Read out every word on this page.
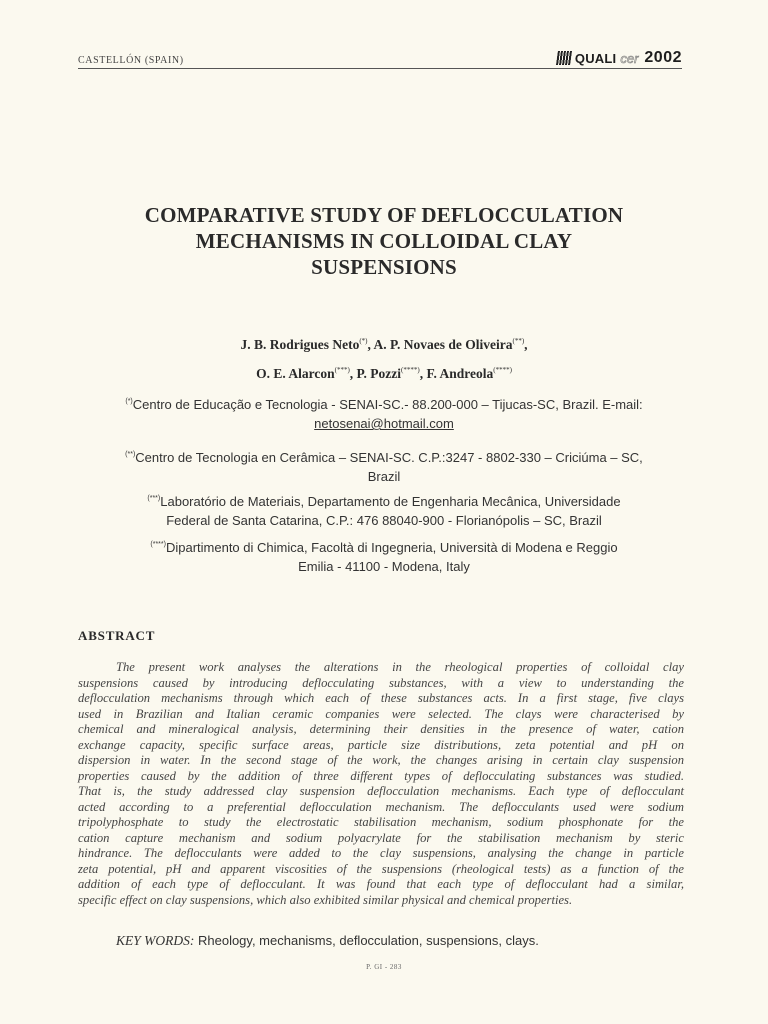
CASTELLÓN (SPAIN)	QUALI cer 2002
COMPARATIVE STUDY OF DEFLOCCULATION
MECHANISMS IN COLLOIDAL CLAY
SUSPENSIONS
J. B. Rodrigues Neto(*), A. P. Novaes de Oliveira(**),
O. E. Alarcon(***), P. Pozzi(****), F. Andreola(****)
(*)Centro de Educação e Tecnologia - SENAI-SC.- 88.200-000 – Tijucas-SC, Brazil. E-mail:
netosenai@hotmail.com
(**)Centro de Tecnologia en Cerâmica – SENAI-SC. C.P.:3247 - 8802-330 – Criciúma – SC,
Brazil
(***)Laboratório de Materiais, Departamento de Engenharia Mecânica, Universidade
Federal de Santa Catarina, C.P.: 476 88040-900 - Florianópolis – SC, Brazil
(****)Dipartimento di Chimica, Facoltà di Ingegneria, Università di Modena e Reggio
Emilia - 41100 - Modena, Italy
ABSTRACT
The present work analyses the alterations in the rheological properties of colloidal clay
suspensions caused by introducing deflocculating substances, with a view to understanding the
deflocculation mechanisms through which each of these substances acts. In a first stage, five clays
used in Brazilian and Italian ceramic companies were selected. The clays were characterised by
chemical and mineralogical analysis, determining their densities in the presence of water, cation
exchange capacity, specific surface areas, particle size distributions, zeta potential and pH on
dispersion in water. In the second stage of the work, the changes arising in certain clay suspension
properties caused by the addition of three different types of deflocculating substances was studied.
That is, the study addressed clay suspension deflocculation mechanisms. Each type of deflocculant
acted according to a preferential deflocculation mechanism. The deflocculants used were sodium
tripolyphosphate to study the electrostatic stabilisation mechanism, sodium phosphonate for the
cation capture mechanism and sodium polyacrylate for the stabilisation mechanism by steric
hindrance. The deflocculants were added to the clay suspensions, analysing the change in particle
zeta potential, pH and apparent viscosities of the suspensions (rheological tests) as a function of the
addition of each type of deflocculant. It was found that each type of deflocculant had a similar,
specific effect on clay suspensions, which also exhibited similar physical and chemical properties.
KEY WORDS: Rheology, mechanisms, deflocculation, suspensions, clays.
P. GI - 283
